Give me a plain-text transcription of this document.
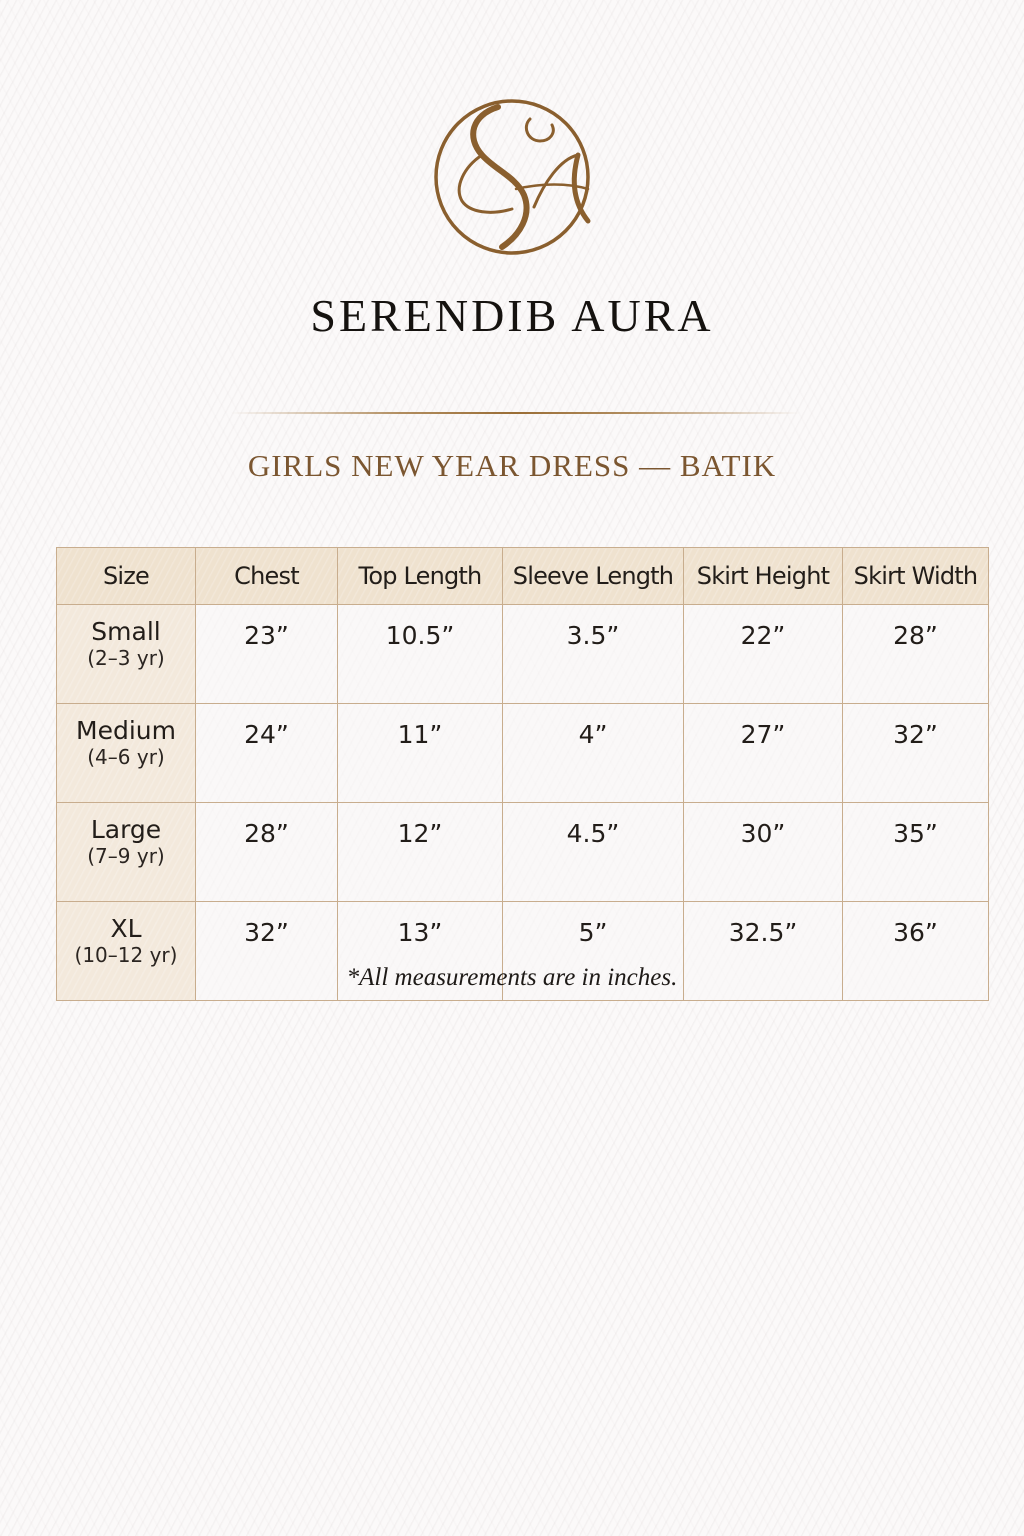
SERENDIB AURA
GIRLS NEW YEAR DRESS — BATIK
Size	Chest	Top Length	Sleeve Length	Skirt Height	Skirt Width

Small
(2–3 yr)	23”	10.5”	3.5”	22”	28”

Medium
(4–6 yr)	24”	11”	4”	27”	32”

Large
(7–9 yr)	28”	12”	4.5”	30”	35”

XL
(10–12 yr)	32”	13”	5”	32.5”	36”
*All measurements are in inches.
